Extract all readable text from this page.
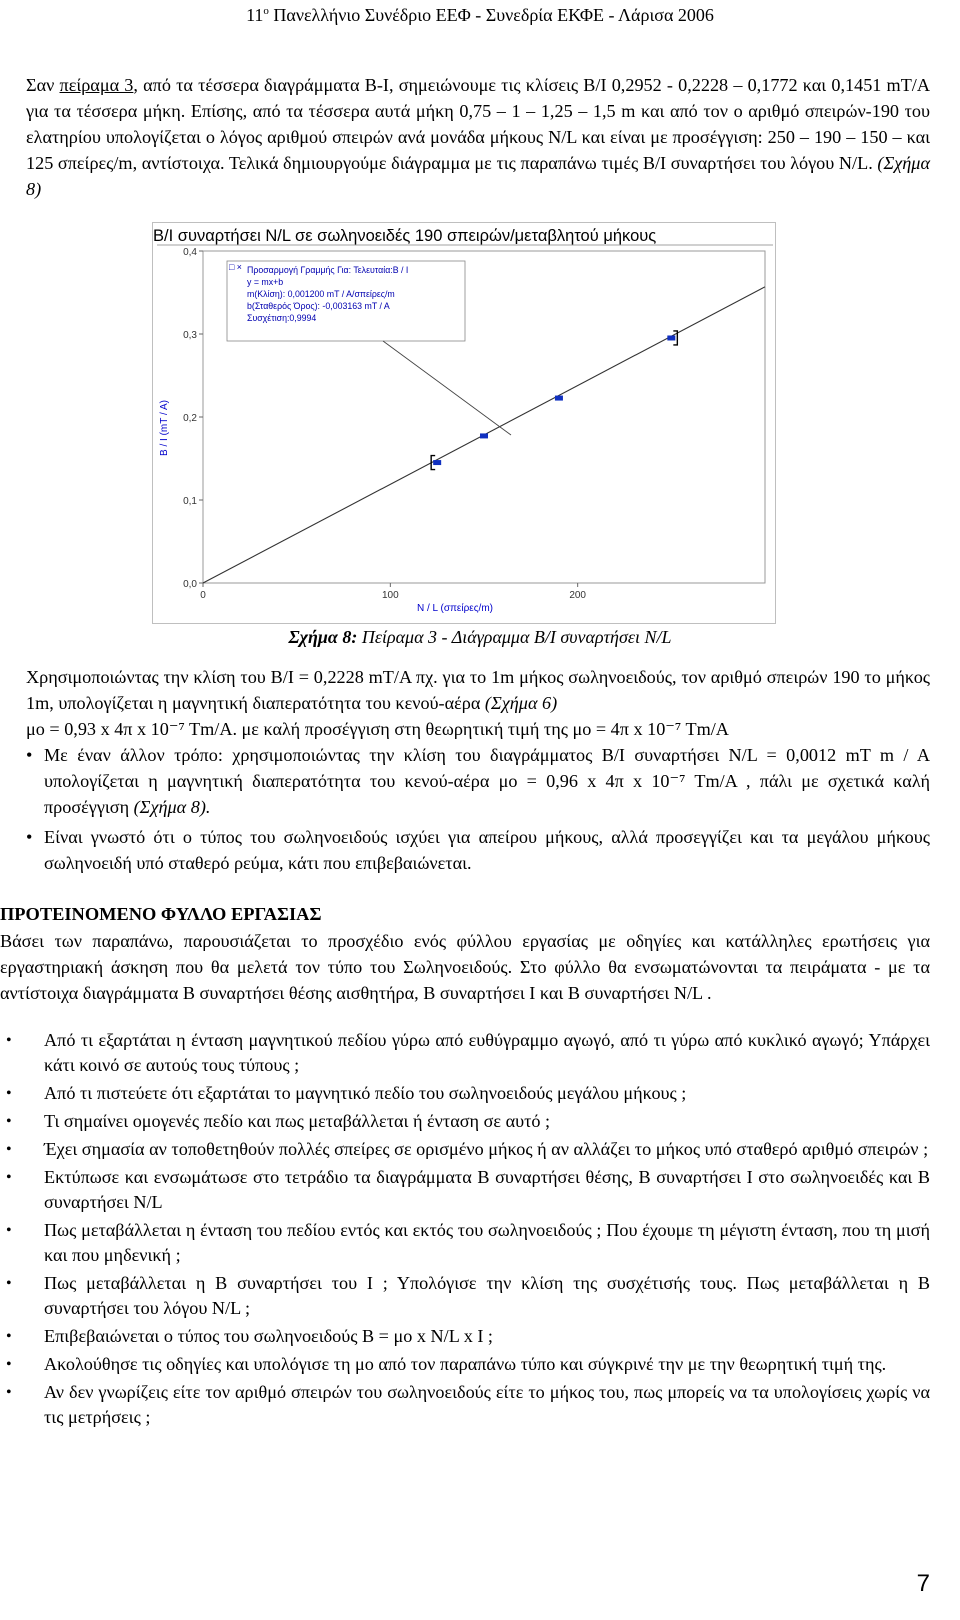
$11^o$ Πανελλήνιο Συνέδριο ΕΕΦ - Συνεδρία ΕΚΦΕ - Λάρισα 2006

Σαν πείραμα 3, από τα τέσσερα διαγράμματα Β-Ι, σημειώνουμε τις κλίσεις Β/Ι 0,2952 - 0,2228 – 0,1772 και 0,1451 mT/A για τα τέσσερα μήκη. Επίσης, από τα τέσσερα αυτά μήκη 0,75 – 1 – 1,25 – 1,5 m και από τον ο αριθμό σπειρών-190 του ελατηρίου υπολογίζεται ο λόγος αριθμού σπειρών ανά μονάδα μήκους N/L και είναι με προσέγγιση: 250 – 190 – 150 – και 125 σπείρες/m, αντίστοιχα. Τελικά δημιουργούμε διάγραμμα με τις παραπάνω τιμές Β/Ι συναρτήσει του λόγου N/L. (Σχήμα 8)

B/I συναρτήσει N/L σε σωληνοειδές 190 σπειρών/μεταβλητού μήκους
0,0
0,1
0,2
0,3
0,4
0	100	200
N / L (σπείρες/m)
B / I (mT / A)
□ × Προσαρμογή Γραμμής Για: Τελευταία:B / I
y = mx+b
m(Κλίση): 0,001200 mT / A/σπείρες/m
b(Σταθερός Όρος): -0,003163 mT / A
Συσχέτιση:0,9994
Σχήμα 8: Πείραμα 3 - Διάγραμμα Β/Ι συναρτήσει N/L

Χρησιμοποιώντας την κλίση του Β/Ι = 0,2228 mT/A πχ. για το 1m μήκος σωληνοειδούς, τον αριθμό σπειρών 190 το μήκος 1m, υπολογίζεται η μαγνητική διαπερατότητα του κενού-αέρα (Σχήμα 6)
μο = 0,93 x 4π x 10⁻⁷ Tm/A. με καλή προσέγγιση στη θεωρητική τιμή της μο = 4π x 10⁻⁷ Tm/A

• Με έναν άλλον τρόπο: χρησιμοποιώντας την κλίση του διαγράμματος Β/Ι συναρτήσει N/L = 0,0012 mT m / A υπολογίζεται η μαγνητική διαπερατότητα του κενού-αέρα μο = 0,96 x 4π x 10⁻⁷ Tm/A , πάλι με σχετικά καλή προσέγγιση (Σχήμα 8).
• Είναι γνωστό ότι ο τύπος του σωληνοειδούς ισχύει για απείρου μήκους, αλλά προσεγγίζει και τα μεγάλου μήκους σωληνοειδή υπό σταθερό ρεύμα, κάτι που επιβεβαιώνεται.
ΠΡΟΤΕΙΝΟΜΕΝΟ ΦΥΛΛΟ ΕΡΓΑΣΙΑΣ

Βάσει των παραπάνω, παρουσιάζεται το προσχέδιο ενός φύλλου εργασίας με οδηγίες και κατάλληλες ερωτήσεις για εργαστηριακή άσκηση που θα μελετά τον τύπο του Σωληνοειδούς. Στο φύλλο θα ενσωματώνονται τα πειράματα - με τα αντίστοιχα διαγράμματα Β συναρτήσει θέσης αισθητήρα, Β συναρτήσει Ι και Β συναρτήσει N/L .

• Από τι εξαρτάται η ένταση μαγνητικού πεδίου γύρω από ευθύγραμμο αγωγό, από τι γύρω από κυκλικό αγωγό; Υπάρχει κάτι κοινό σε αυτούς τους τύπους ;
• Από τι πιστεύετε ότι εξαρτάται το μαγνητικό πεδίο του σωληνοειδούς μεγάλου μήκους ;
• Τι σημαίνει ομογενές πεδίο και πως μεταβάλλεται ή ένταση σε αυτό ;
• Έχει σημασία αν τοποθετηθούν πολλές σπείρες σε ορισμένο μήκος ή αν αλλάζει το μήκος υπό σταθερό αριθμό σπειρών ;
• Εκτύπωσε και ενσωμάτωσε στο τετράδιο τα διαγράμματα Β συναρτήσει θέσης, Β συναρτήσει Ι στο σωληνοειδές και Β συναρτήσει N/L
• Πως μεταβάλλεται η ένταση του πεδίου εντός και εκτός του σωληνοειδούς ; Που έχουμε τη μέγιστη ένταση, που τη μισή και που μηδενική ;
• Πως μεταβάλλεται η Β συναρτήσει του Ι ; Υπολόγισε την κλίση της συσχέτισής τους. Πως μεταβάλλεται η Β συναρτήσει του λόγου N/L ;
• Επιβεβαιώνεται ο τύπος του σωληνοειδούς Β = μο x N/L x I ;
• Ακολούθησε τις οδηγίες και υπολόγισε τη μο από τον παραπάνω τύπο και σύγκρινέ την με την θεωρητική τιμή της.
• Αν δεν γνωρίζεις είτε τον αριθμό σπειρών του σωληνοειδούς είτε το μήκος του, πως μπορείς να τα υπολογίσεις χωρίς να τις μετρήσεις ;
7
